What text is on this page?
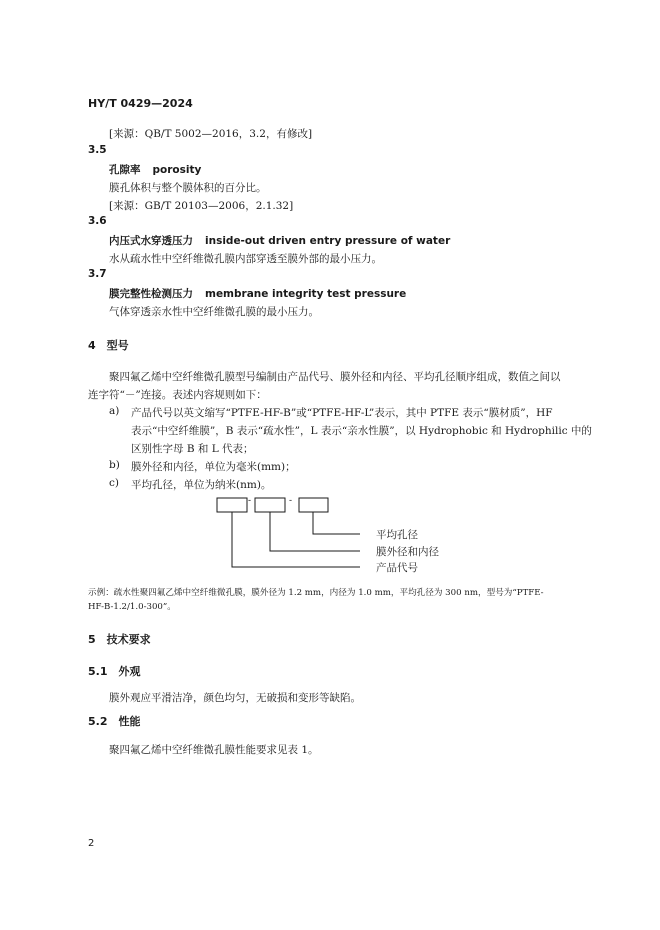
HY/T 0429—2024
[来源：QB/T 5002—2016，3.2，有修改]
3.5
孔隙率 porosity
膜孔体积与整个膜体积的百分比。
[来源：GB/T 20103—2006，2.1.32]
3.6
内压式水穿透压力 inside-out driven entry pressure of water
水从疏水性中空纤维微孔膜内部穿透至膜外部的最小压力。
3.7
膜完整性检测压力 membrane integrity test pressure
气体穿透亲水性中空纤维微孔膜的最小压力。
4　型号
聚四氟乙烯中空纤维微孔膜型号编制由产品代号、膜外径和内径、平均孔径顺序组成，数值之间以
连字符“－”连接。表述内容规则如下：
a) 产品代号以英文缩写“PTFE-HF-B”或“PTFE-HF-L”表示，其中 PTFE 表示“膜材质”，HF
表示“中空纤维膜”，B 表示“疏水性”，L 表示“亲水性膜”，以 Hydrophobic 和 Hydrophilic 中的
区别性字母 B 和 L 代表；
b) 膜外径和内径，单位为毫米(mm)；
c) 平均孔径，单位为纳米(nm)。
-	-
平均孔径
膜外径和内径
产品代号
示例：疏水性聚四氟乙烯中空纤维微孔膜，膜外径为 1.2 mm，内径为 1.0 mm，平均孔径为 300 nm，型号为“PTFE-
HF-B-1.2/1.0-300”。
5　技术要求
5.1　外观
膜外观应平滑洁净，颜色均匀，无破损和变形等缺陷。
5.2　性能
聚四氟乙烯中空纤维微孔膜性能要求见表 1。
2
